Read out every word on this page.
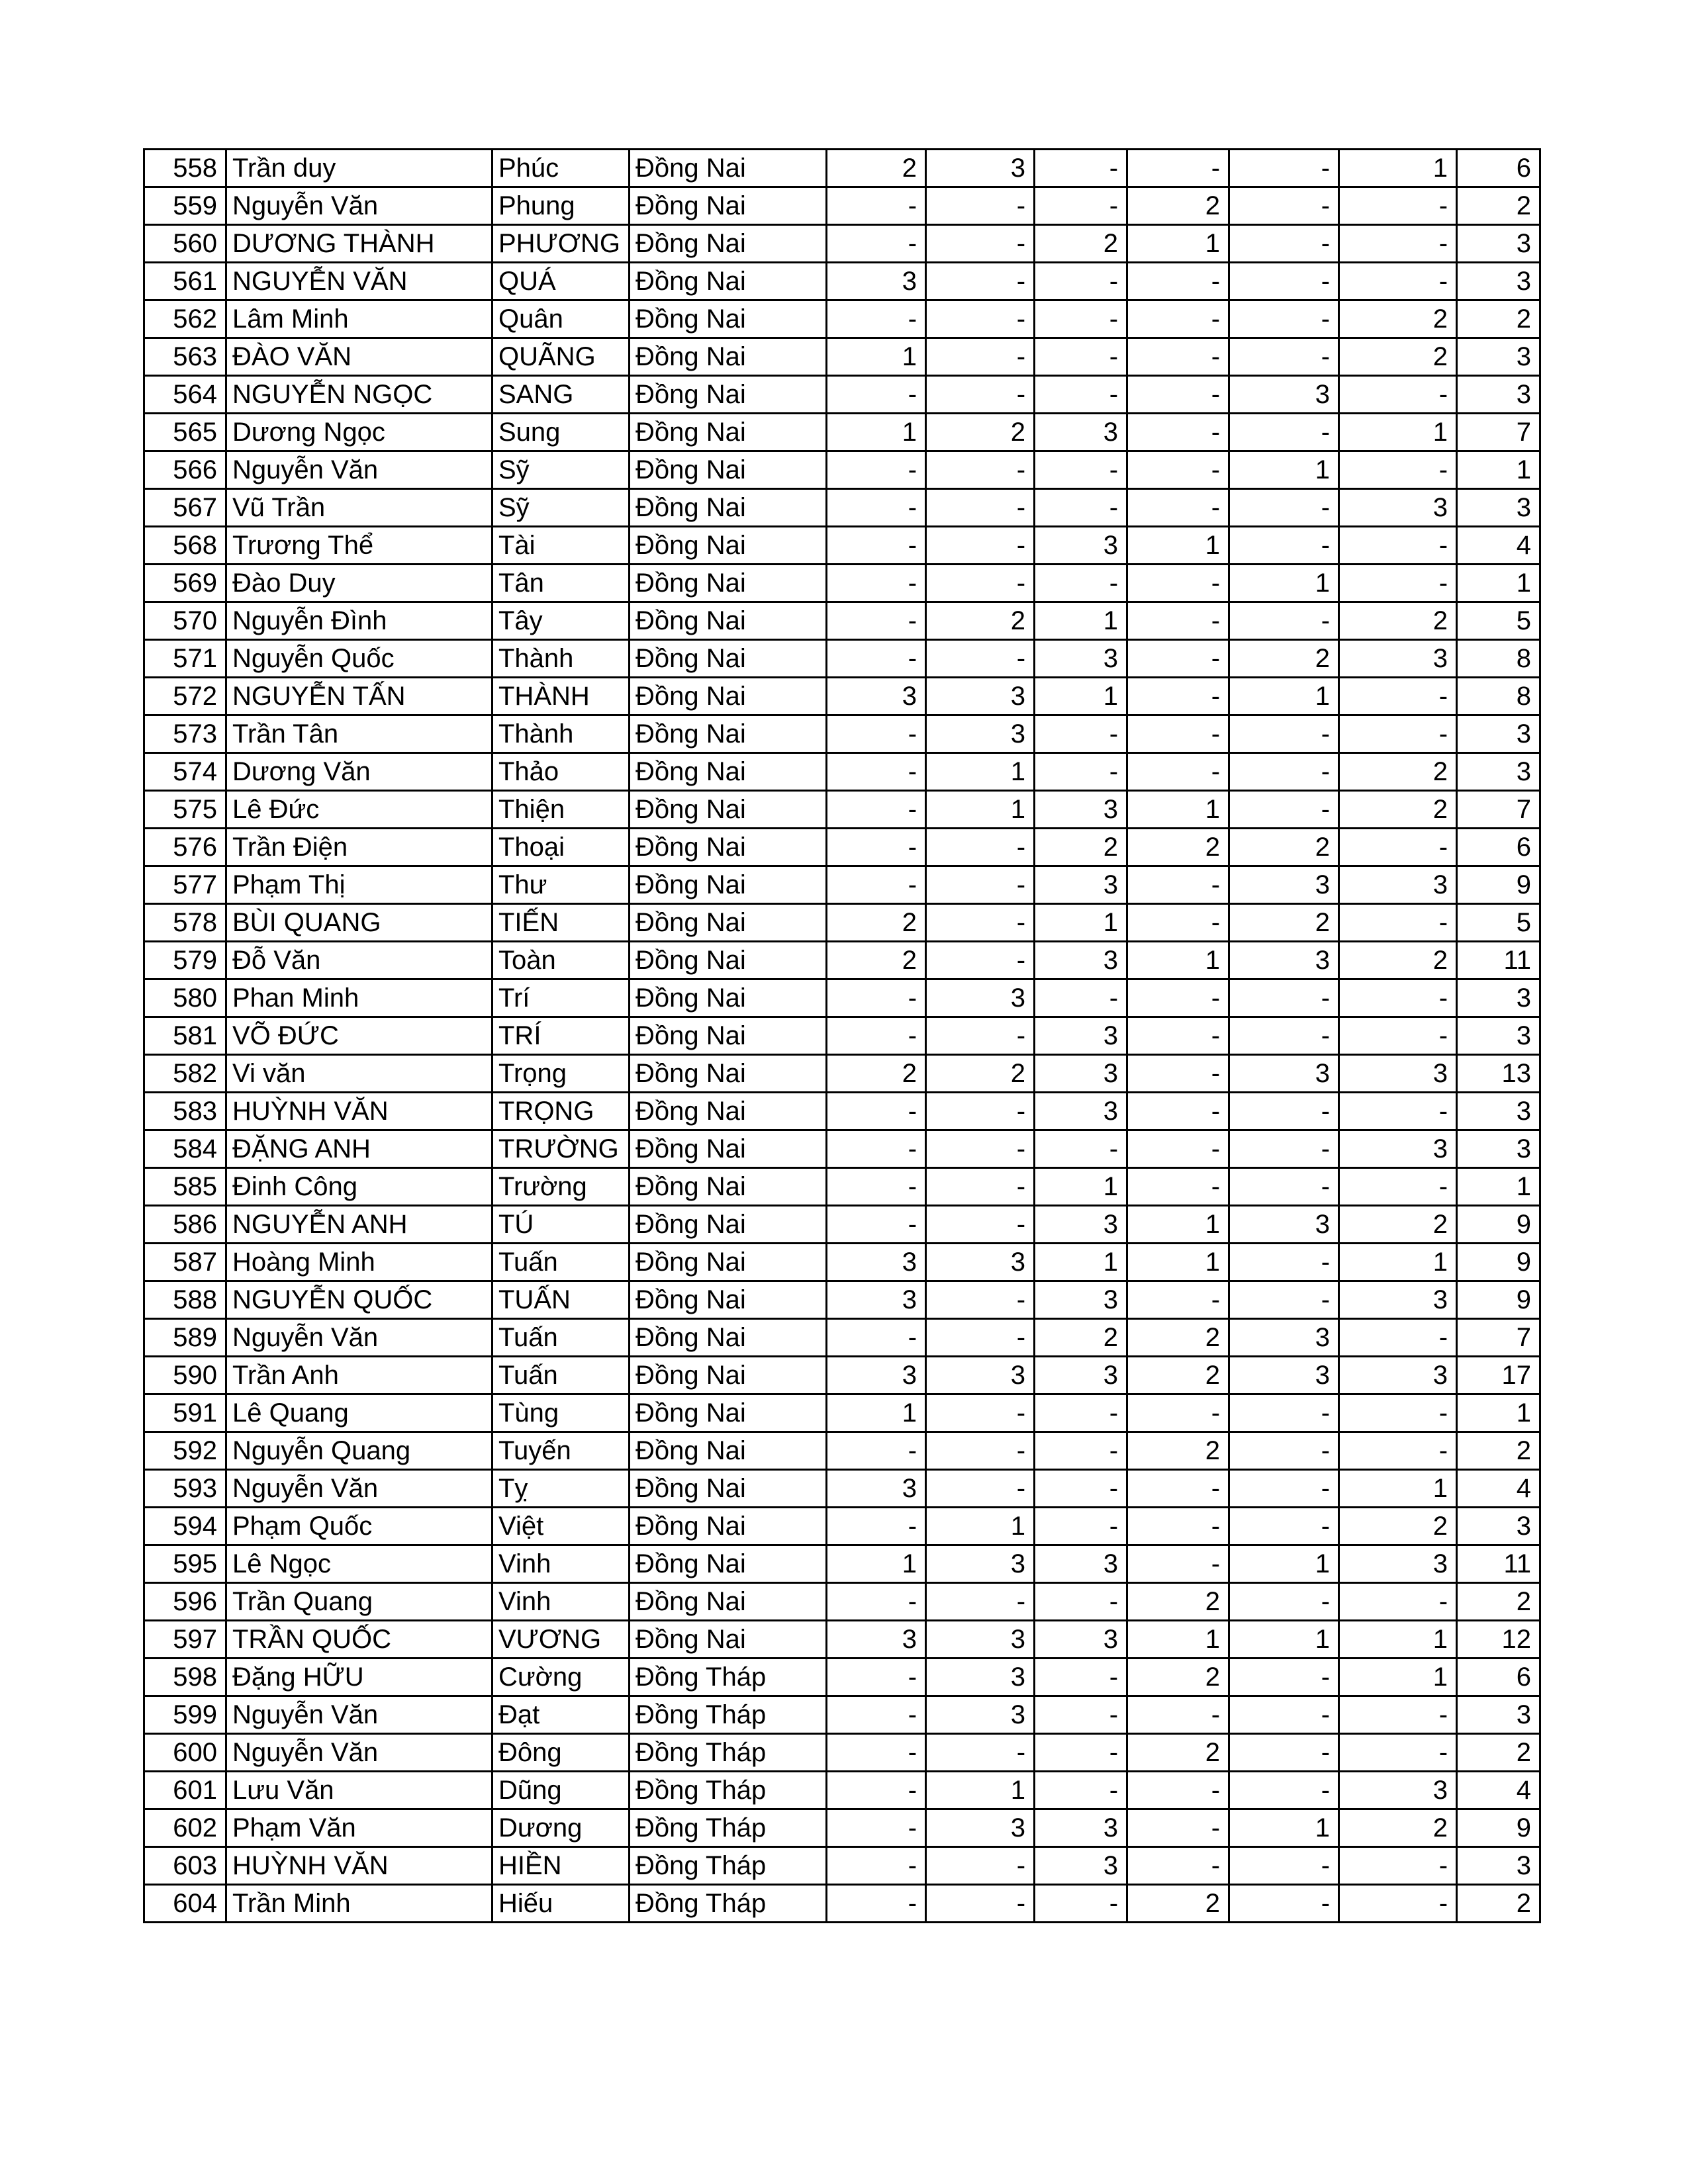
558	Trần duy	Phúc	Đồng Nai	2	3	-	-	-	1	6
559	Nguyễn Văn	Phung	Đồng Nai	-	-	-	2	-	-	2
560	DƯƠNG THÀNH	PHƯƠNG	Đồng Nai	-	-	2	1	-	-	3
561	NGUYỄN VĂN	QUÁ	Đồng Nai	3	-	-	-	-	-	3
562	Lâm Minh	Quân	Đồng Nai	-	-	-	-	-	2	2
563	ĐÀO VĂN	QUÃNG	Đồng Nai	1	-	-	-	-	2	3
564	NGUYỄN NGỌC	SANG	Đồng Nai	-	-	-	-	3	-	3
565	Dương Ngọc	Sung	Đồng Nai	1	2	3	-	-	1	7
566	Nguyễn Văn	Sỹ	Đồng Nai	-	-	-	-	1	-	1
567	Vũ Trần	Sỹ	Đồng Nai	-	-	-	-	-	3	3
568	Trương Thể	Tài	Đồng Nai	-	-	3	1	-	-	4
569	Đào Duy	Tân	Đồng Nai	-	-	-	-	1	-	1
570	Nguyễn Đình	Tây	Đồng Nai	-	2	1	-	-	2	5
571	Nguyễn Quốc	Thành	Đồng Nai	-	-	3	-	2	3	8
572	NGUYỄN TẤN	THÀNH	Đồng Nai	3	3	1	-	1	-	8
573	Trần Tân	Thành	Đồng Nai	-	3	-	-	-	-	3
574	Dương Văn	Thảo	Đồng Nai	-	1	-	-	-	2	3
575	Lê Đức	Thiện	Đồng Nai	-	1	3	1	-	2	7
576	Trần Điện	Thoại	Đồng Nai	-	-	2	2	2	-	6
577	Phạm Thị	Thư	Đồng Nai	-	-	3	-	3	3	9
578	BÙI QUANG	TIẾN	Đồng Nai	2	-	1	-	2	-	5
579	Đỗ Văn	Toàn	Đồng Nai	2	-	3	1	3	2	11
580	Phan Minh	Trí	Đồng Nai	-	3	-	-	-	-	3
581	VÕ ĐỨC	TRÍ	Đồng Nai	-	-	3	-	-	-	3
582	Vi văn	Trọng	Đồng Nai	2	2	3	-	3	3	13
583	HUỲNH VĂN	TRỌNG	Đồng Nai	-	-	3	-	-	-	3
584	ĐẶNG ANH	TRƯỜNG	Đồng Nai	-	-	-	-	-	3	3
585	Đinh Công	Trường	Đồng Nai	-	-	1	-	-	-	1
586	NGUYỄN ANH	TÚ	Đồng Nai	-	-	3	1	3	2	9
587	Hoàng Minh	Tuấn	Đồng Nai	3	3	1	1	-	1	9
588	NGUYỄN QUỐC	TUẤN	Đồng Nai	3	-	3	-	-	3	9
589	Nguyễn Văn	Tuấn	Đồng Nai	-	-	2	2	3	-	7
590	Trần Anh	Tuấn	Đồng Nai	3	3	3	2	3	3	17
591	Lê Quang	Tùng	Đồng Nai	1	-	-	-	-	-	1
592	Nguyễn Quang	Tuyến	Đồng Nai	-	-	-	2	-	-	2
593	Nguyễn Văn	Tỵ	Đồng Nai	3	-	-	-	-	1	4
594	Phạm Quốc	Việt	Đồng Nai	-	1	-	-	-	2	3
595	Lê Ngọc	Vinh	Đồng Nai	1	3	3	-	1	3	11
596	Trần Quang	Vinh	Đồng Nai	-	-	-	2	-	-	2
597	TRẦN QUỐC	VƯƠNG	Đồng Nai	3	3	3	1	1	1	12
598	Đặng HỮU	Cường	Đồng Tháp	-	3	-	2	-	1	6
599	Nguyễn Văn	Đạt	Đồng Tháp	-	3	-	-	-	-	3
600	Nguyễn Văn	Đông	Đồng Tháp	-	-	-	2	-	-	2
601	Lưu Văn	Dũng	Đồng Tháp	-	1	-	-	-	3	4
602	Phạm Văn	Dương	Đồng Tháp	-	3	3	-	1	2	9
603	HUỲNH VĂN	HIỀN	Đồng Tháp	-	-	3	-	-	-	3
604	Trần Minh	Hiếu	Đồng Tháp	-	-	-	2	-	-	2
